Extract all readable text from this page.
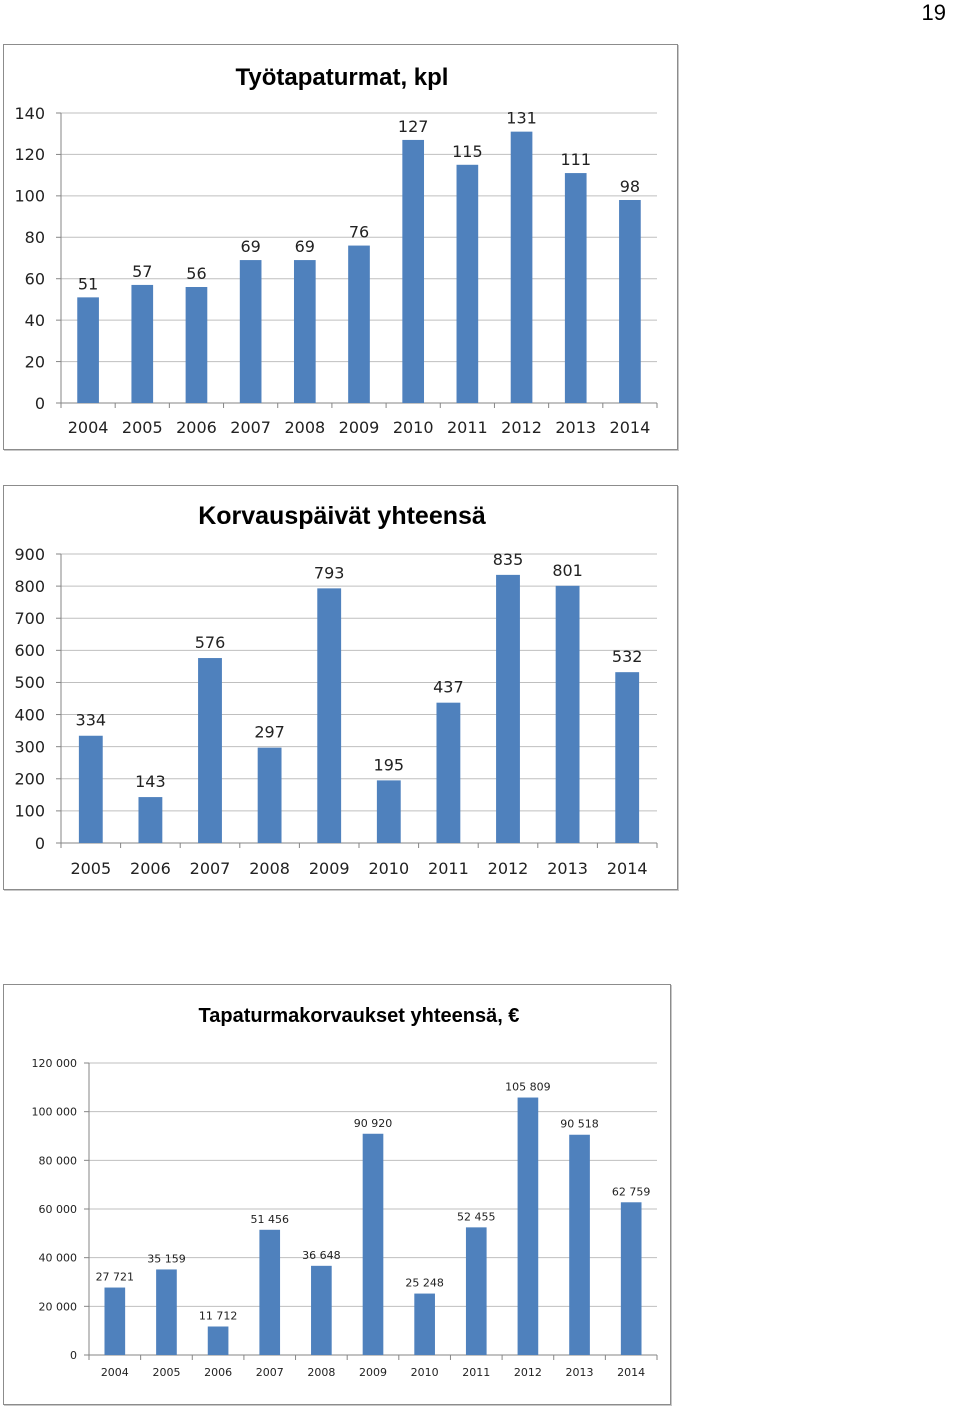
19
Työtapaturmat, kpl
0
20
40
60
80
100
120
140
51
2004
57
2005
56
2006
69
2007
69
2008
76
2009
127
2010
115
2011
131
2012
111
2013
98
2014
Korvauspäivät yhteensä
0
100
200
300
400
500
600
700
800
900
334
2005
143
2006
576
2007
297
2008
793
2009
195
2010
437
2011
835
2012
801
2013
532
2014
Tapaturmakorvaukset yhteensä, €
0
20 000
40 000
60 000
80 000
100 000
120 000
27 721
2004
35 159
2005
11 712
2006
51 456
2007
36 648
2008
90 920
2009
25 248
2010
52 455
2011
105 809
2012
90 518
2013
62 759
2014
